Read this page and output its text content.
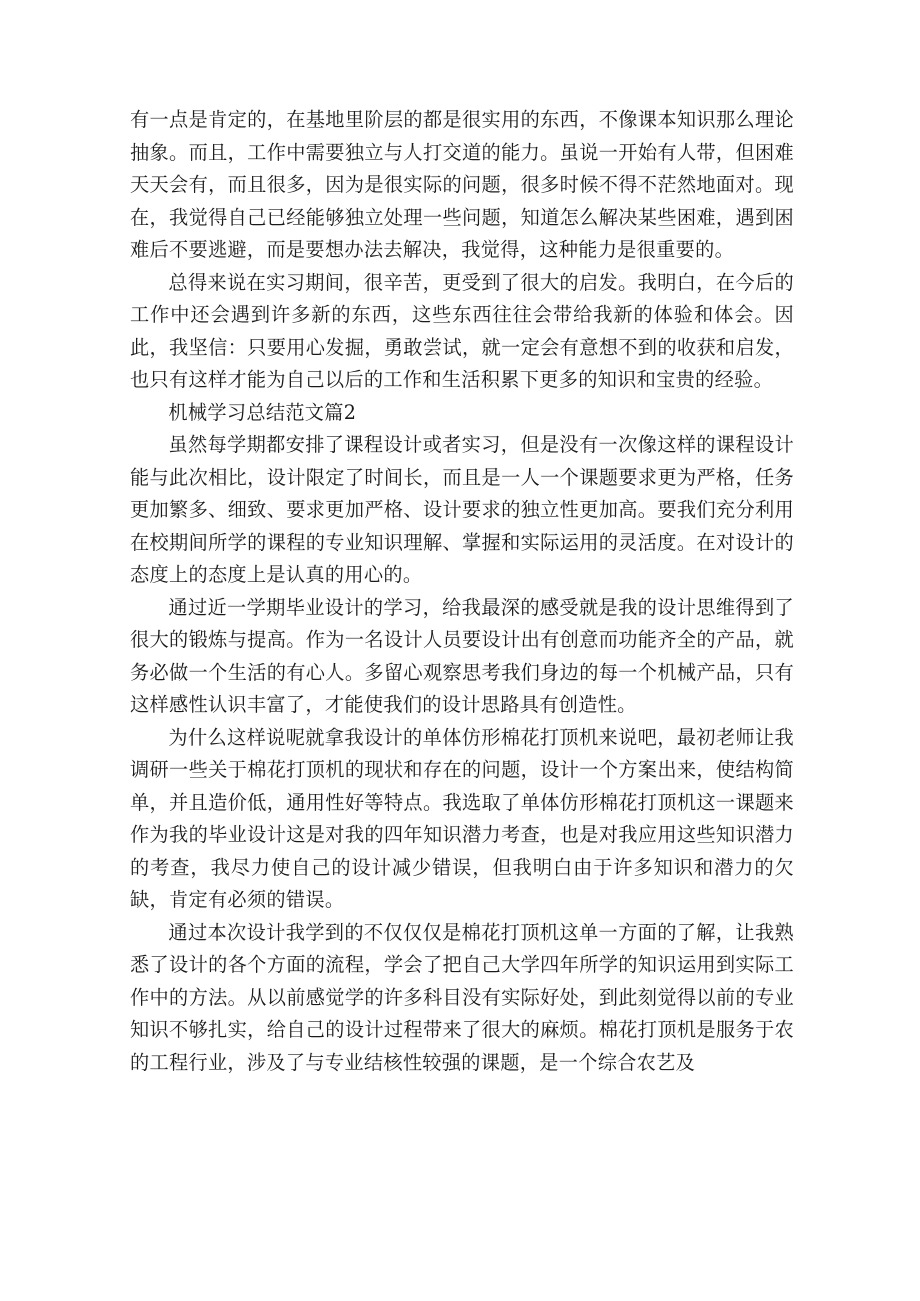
有一点是肯定的，在基地里阶层的都是很实用的东西，不像课本知识那么理论抽象。而且，工作中需要独立与人打交道的能力。虽说一开始有人带，但困难天天会有，而且很多，因为是很实际的问题，很多时候不得不茫然地面对。现在，我觉得自己已经能够独立处理一些问题，知道怎么解决某些困难，遇到困难后不要逃避，而是要想办法去解决，我觉得，这种能力是很重要的。

总得来说在实习期间，很辛苦，更受到了很大的启发。我明白，在今后的工作中还会遇到许多新的东西，这些东西往往会带给我新的体验和体会。因此，我坚信：只要用心发掘，勇敢尝试，就一定会有意想不到的收获和启发，也只有这样才能为自己以后的工作和生活积累下更多的知识和宝贵的经验。

机械学习总结范文篇2

虽然每学期都安排了课程设计或者实习，但是没有一次像这样的课程设计能与此次相比，设计限定了时间长，而且是一人一个课题要求更为严格，任务更加繁多、细致、要求更加严格、设计要求的独立性更加高。要我们充分利用在校期间所学的课程的专业知识理解、掌握和实际运用的灵活度。在对设计的态度上的态度上是认真的用心的。

通过近一学期毕业设计的学习，给我最深的感受就是我的设计思维得到了很大的锻炼与提高。作为一名设计人员要设计出有创意而功能齐全的产品，就务必做一个生活的有心人。多留心观察思考我们身边的每一个机械产品，只有这样感性认识丰富了，才能使我们的设计思路具有创造性。

为什么这样说呢就拿我设计的单体仿形棉花打顶机来说吧，最初老师让我调研一些关于棉花打顶机的现状和存在的问题，设计一个方案出来，使结构简单，并且造价低，通用性好等特点。我选取了单体仿形棉花打顶机这一课题来作为我的毕业设计这是对我的四年知识潜力考查，也是对我应用这些知识潜力的考查，我尽力使自己的设计减少错误，但我明白由于许多知识和潜力的欠缺，肯定有必须的错误。

通过本次设计我学到的不仅仅仅是棉花打顶机这单一方面的了解，让我熟悉了设计的各个方面的流程，学会了把自己大学四年所学的知识运用到实际工作中的方法。从以前感觉学的许多科目没有实际好处，到此刻觉得以前的专业知识不够扎实，给自己的设计过程带来了很大的麻烦。棉花打顶机是服务于农的工程行业，涉及了与专业结核性较强的课题，是一个综合农艺及
